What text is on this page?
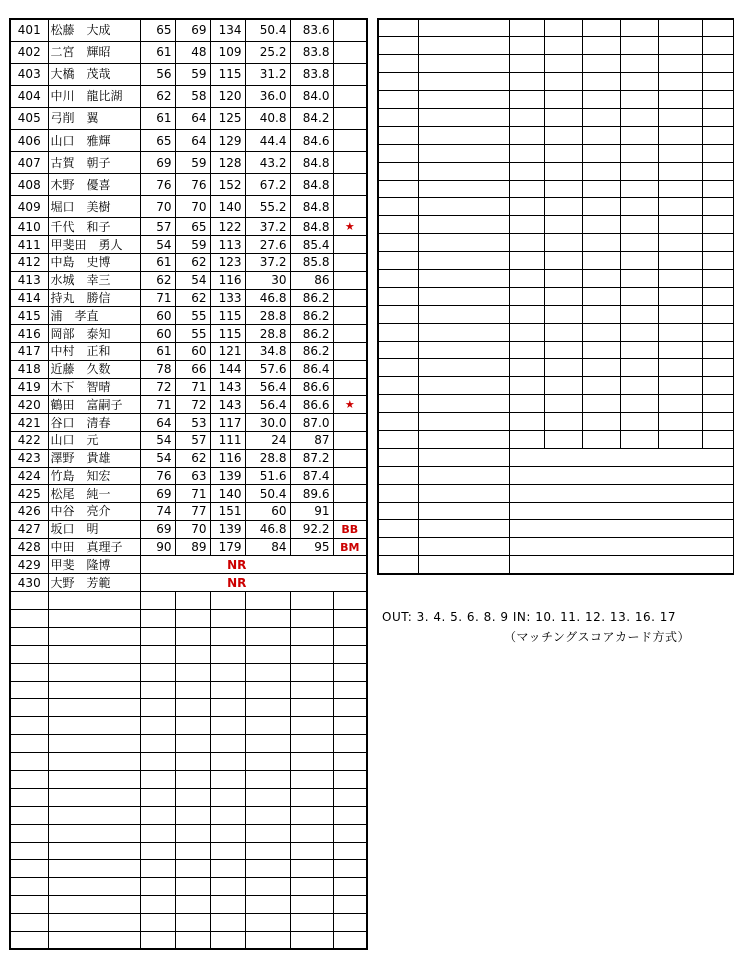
401	松藤　大成	65	69	134	50.4	83.6	
402	二宮　輝昭	61	48	109	25.2	83.8	
403	大橋　茂哉	56	59	115	31.2	83.8	
404	中川　龍比湖	62	58	120	36.0	84.0	
405	弓削　翼	61	64	125	40.8	84.2	
406	山口　雅輝	65	64	129	44.4	84.6	
407	古賀　朝子	69	59	128	43.2	84.8	
408	木野　優喜	76	76	152	67.2	84.8	
409	堀口　美樹	70	70	140	55.2	84.8	
410	千代　和子	57	65	122	37.2	84.8	★
411	甲斐田　勇人	54	59	113	27.6	85.4	
412	中島　史博	61	62	123	37.2	85.8	
413	水城　幸三	62	54	116	30	86	
414	持丸　勝信	71	62	133	46.8	86.2	
415	浦　孝直	60	55	115	28.8	86.2	
416	岡部　泰知	60	55	115	28.8	86.2	
417	中村　正和	61	60	121	34.8	86.2	
418	近藤　久数	78	66	144	57.6	86.4	
419	木下　智晴	72	71	143	56.4	86.6	
420	鶴田　富嗣子	71	72	143	56.4	86.6	★
421	谷口　清春	64	53	117	30.0	87.0	
422	山口　元	54	57	111	24	87	
423	澤野　貴雄	54	62	116	28.8	87.2	
424	竹島　知宏	76	63	139	51.6	87.4	
425	松尾　純一	69	71	140	50.4	89.6	
426	中谷　亮介	74	77	151	60	91	
427	坂口　明	69	70	139	46.8	92.2	BB
428	中田　真理子	90	89	179	84	95	BM
429	甲斐　隆博	NR					
430	大野　芳範	NR					

OUT: 3. 4. 5. 6. 8. 9 IN: 10. 11. 12. 13. 16. 17
（マッチングスコアカード方式）
